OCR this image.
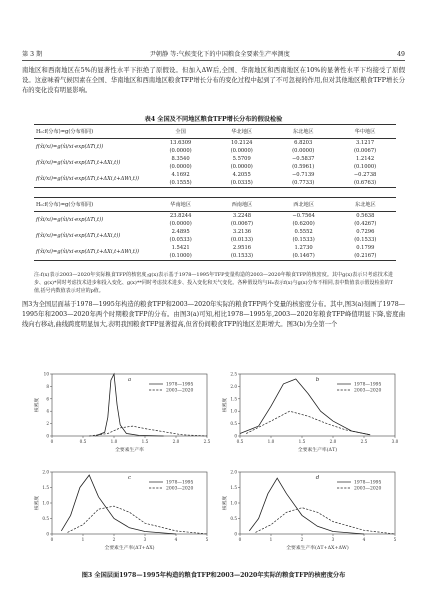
第 3 期	尹朝静 等:气候变化下的中国粮食全要素生产率测度	49
南地区和西南地区在5%的显著性水平下拒绝了原假设。但加入ΔW后,全国、华南地区和西南地区在10%的显著性水平下均接受了原假设。这意味着气候因素在全国、华南地区和西南地区粮食TFP增长分布的变化过程中起到了不可忽视的作用,但对其他地区粮食TFP增长分布的变化没有明显影响。
表4 全国及不同地区粮食TFP增长分布的假设检验
H₀:f(分布)=g(分布相同)	全国	华北地区	东北地区	华中地区
f(x̂i/xi)=g(x̂i/xi·exp(ΔTi,t))	13.6309	10.2124	6.8203	3.1217
	(0.0000)	(0.0000)	(0.0000)	(0.0067)
f(x̂i/xi)=g(x̂i/xi·exp(ΔTi,t+ΔXi,t))	8.3540	5.5709	−0.5837	1.2142
	(0.0000)	(0.0000)	(0.5961)	(0.1000)
f(x̂i/xi)=g(x̂i/xi·exp(ΔTi,t+ΔXi,t+ΔWi,t))	4.1692	4.2055	−0.7139	−0.2738
	(0.1555)	(0.0335)	(0.7733)	(0.6763)
H₀:f(分布)=g(分布相同)	华南地区	西南地区	西北地区	东北地区
f(x̂i/xi)=g(x̂i/xi·exp(ΔTi,t))	23.8244	3.2248	−0.7564	0.5638
	(0.0000)	(0.0067)	(0.6200)	(0.4267)
f(x̂i/xi)=g(x̂i/xi·exp(ΔTi,t+ΔXi,t))	2.4895	3.2136	0.5552	0.7296
	(0.0533)	(0.0133)	(0.1533)	(0.1533)
f(x̂i/xi)=g(x̂i/xi·exp(ΔTi,t+ΔXi,t+ΔWi,t))	1.5421	2.9516	1.2730	0.1799
	(0.1000)	(0.1533)	(0.1467)	(0.2167)
注:f(x)表示2003—2020年实际粮食TFP的核密度;g(x)表示基于1978—1995年TFP变量构造的2003—2020年粮食TFP的核密度。其中g(x)表示只考虑技术进步、g(x)*同时考虑技术进步和投入变化、g(x)**同时考虑技术进步、投入变化和天气变化。各种假设均与H₀表示f(x)与g(x)分布不相同,表中数值表示假设检验的T值,括号内数值表示对应的p值。
图3为全国层面基于1978—1995年构造的粮食TFP和2003—2020年实际的粮食TFP两个变量的核密度分布。其中,图3(a)刻画了1978—1995年和2003—2020年两个时期粮食TFP的分布。由图3(a)可知,相比1978—1995年,2003—2020年粮食TFP峰值明显下降,密度曲线向右移动,曲线跨度明显加大,表明我国粮食TFP显著提高,但省份间粮食TFP的地区差距增大。图3(b)为全第一个
a
0	0.5	1.0	1.5	2.0	2.5
0
2
4
6
8
10
全要素生产率
核密度
1978—1995
2003—2020
b
0.5	1.0	1.5	2.0	2.5	3.0
0
0.5
1.0
1.5
2.0
2.5
全要素生产率(ΔT)
核密度
1978—1995
2003—2020
c
0	1	2	3	4	5
0
0.5
1.0
1.5
2.0
全要素生产率(ΔT+ΔX)
核密度
1978—1995
2003—2020
d
0	1	2	3	4	5
0
0.5
1.0
1.5
2.0
全要素生产率(ΔT+ΔX+ΔW)
核密度
1978—1995
2003—2020
图3 全国层面1978—1995年构造的粮食TFP和2003—2020年实际的粮食TFP的核密度分布
